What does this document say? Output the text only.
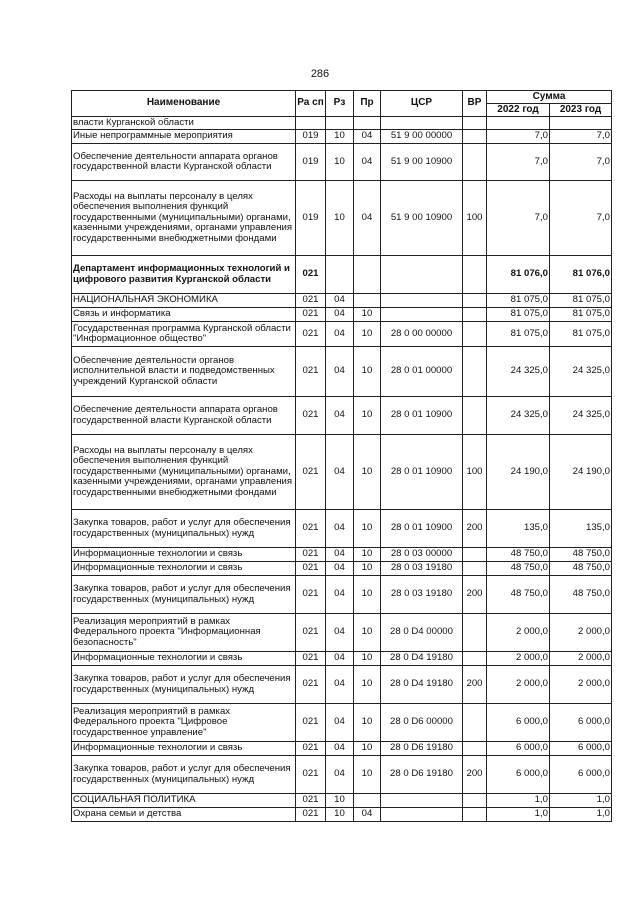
286
Наименование	Ра сп	Рз	Пр	ЦСР	ВР	Сумма	
						2022 год	2023 год
власти Курганской области							
Иные непрограммные мероприятия	019	10	04	51 9 00 00000		7,0	7,0
Обеспечение деятельности аппарата органов государственной власти Курганской области	019	10	04	51 9 00 10900		7,0	7,0
Расходы на выплаты персоналу в целях обеспечения выполнения функций государственными (муниципальными) органами, казенными учреждениями, органами управления государственными внебюджетными фондами	019	10	04	51 9 00 10900	100	7,0	7,0
Департамент информационных технологий и цифрового развития Курганской области	021					81 076,0	81 076,0
НАЦИОНАЛЬНАЯ ЭКОНОМИКА	021	04				81 075,0	81 075,0
Связь и информатика	021	04	10			81 075,0	81 075,0
Государственная программа Курганской области "Информационное общество"	021	04	10	28 0 00 00000		81 075,0	81 075,0
Обеспечение деятельности органов исполнительной власти и подведомственных учреждений Курганской области	021	04	10	28 0 01 00000		24 325,0	24 325,0
Обеспечение деятельности аппарата органов государственной власти Курганской области	021	04	10	28 0 01 10900		24 325,0	24 325,0
Расходы на выплаты персоналу в целях обеспечения выполнения функций государственными (муниципальными) органами, казенными учреждениями, органами управления государственными внебюджетными фондами	021	04	10	28 0 01 10900	100	24 190,0	24 190,0
Закупка товаров, работ и услуг для обеспечения государственных (муниципальных) нужд	021	04	10	28 0 01 10900	200	135,0	135,0
Информационные технологии и связь	021	04	10	28 0 03 00000		48 750,0	48 750,0
Информационные технологии и связь	021	04	10	28 0 03 19180		48 750,0	48 750,0
Закупка товаров, работ и услуг для обеспечения государственных (муниципальных) нужд	021	04	10	28 0 03 19180	200	48 750,0	48 750,0
Реализация мероприятий в рамках Федерального проекта "Информационная безопасность"	021	04	10	28 0 D4 00000		2 000,0	2 000,0
Информационные технологии и связь	021	04	10	28 0 D4 19180		2 000,0	2 000,0
Закупка товаров, работ и услуг для обеспечения государственных (муниципальных) нужд	021	04	10	28 0 D4 19180	200	2 000,0	2 000,0
Реализация мероприятий в рамках Федерального проекта "Цифровое государственное управление"	021	04	10	28 0 D6 00000		6 000,0	6 000,0
Информационные технологии и связь	021	04	10	28 0 D6 19180		6 000,0	6 000,0
Закупка товаров, работ и услуг для обеспечения государственных (муниципальных) нужд	021	04	10	28 0 D6 19180	200	6 000,0	6 000,0
СОЦИАЛЬНАЯ ПОЛИТИКА	021	10				1,0	1,0
Охрана семьи и детства	021	10	04			1,0	1,0
